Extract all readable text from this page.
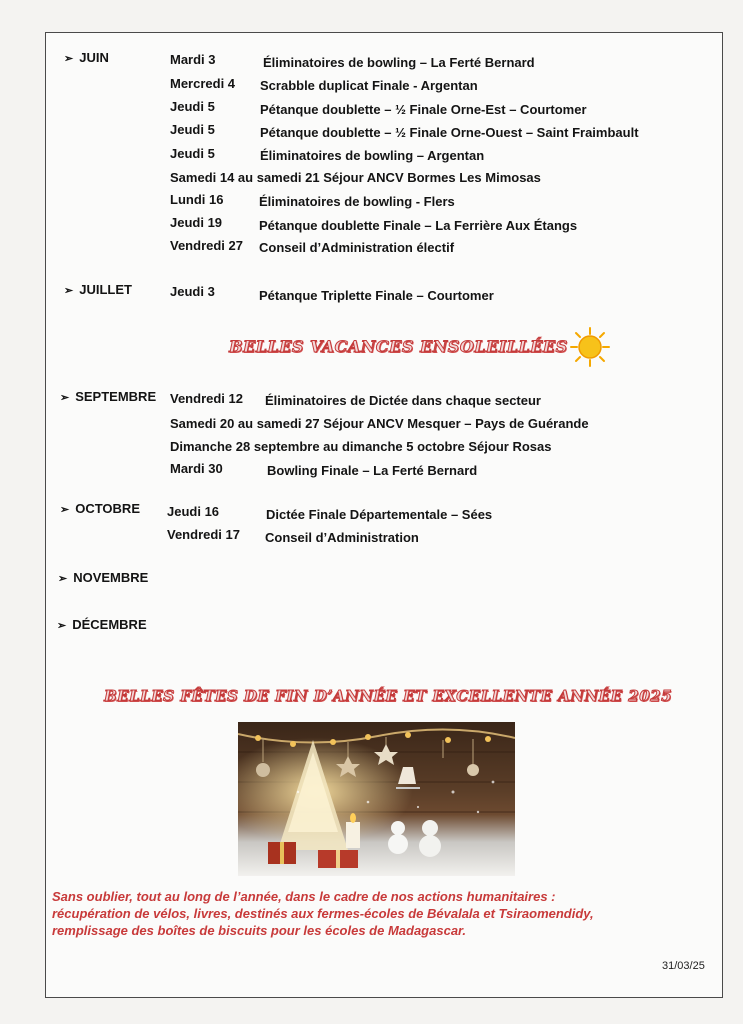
➢ JUIN	Mardi 3	Éliminatoires de bowling – La Ferté Bernard
Mercredi 4 Scrabble duplicat Finale - Argentan
Jeudi 5	Pétanque doublette – ½ Finale Orne-Est – Courtomer
Jeudi 5	Pétanque doublette – ½ Finale Orne-Ouest – Saint Fraimbault
Jeudi 5	Éliminatoires de bowling – Argentan
Samedi 14 au samedi 21 Séjour ANCV Bormes Les Mimosas
Lundi 16	Éliminatoires de bowling - Flers
Jeudi 19	Pétanque doublette Finale – La Ferrière Aux Étangs
Vendredi 27 Conseil d’Administration électif
➢ JUILLET	Jeudi 3	Pétanque Triplette Finale – Courtomer
BELLES VACANCES ENSOLEILLÉES
➢ SEPTEMBRE Vendredi 12 Éliminatoires de Dictée dans chaque secteur
Samedi 20 au samedi 27 Séjour ANCV Mesquer – Pays de Guérande
Dimanche 28 septembre au dimanche 5 octobre Séjour Rosas
Mardi 30	Bowling Finale – La Ferté Bernard
➢ OCTOBRE Jeudi 16	Dictée Finale Départementale – Sées
Vendredi 17 Conseil d’Administration
➢ NOVEMBRE
➢ DÉCEMBRE
BELLES FÊTES DE FIN D’ANNÉE ET EXCELLENTE ANNÉE 2025
Sans oublier, tout au long de l’année, dans le cadre de nos actions humanitaires :
récupération de vélos, livres, destinés aux fermes-écoles de Bévalala et Tsiraomendidy,
remplissage des boîtes de biscuits pour les écoles de Madagascar.
31/03/25
